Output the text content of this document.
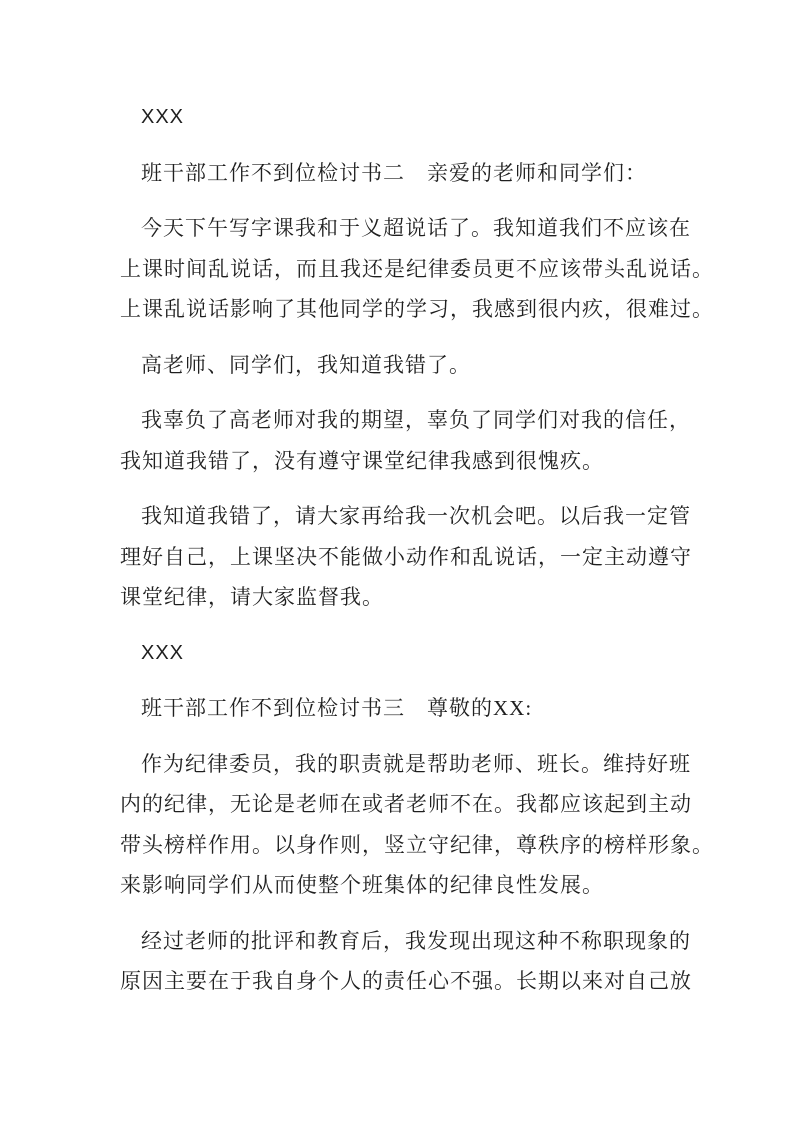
XXX
班干部工作不到位检讨书二　亲爱的老师和同学们：
今天下午写字课我和于义超说话了。我知道我们不应该在
上课时间乱说话，而且我还是纪律委员更不应该带头乱说话。
上课乱说话影响了其他同学的学习，我感到很内疚，很难过。
高老师、同学们，我知道我错了。
我辜负了高老师对我的期望，辜负了同学们对我的信任，
我知道我错了，没有遵守课堂纪律我感到很愧疚。
我知道我错了，请大家再给我一次机会吧。以后我一定管
理好自己，上课坚决不能做小动作和乱说话，一定主动遵守
课堂纪律，请大家监督我。
XXX
班干部工作不到位检讨书三　尊敬的XX:
作为纪律委员，我的职责就是帮助老师、班长。维持好班
内的纪律，无论是老师在或者老师不在。我都应该起到主动
带头榜样作用。以身作则，竖立守纪律，尊秩序的榜样形象。
来影响同学们从而使整个班集体的纪律良性发展。
经过老师的批评和教育后，我发现出现这种不称职现象的
原因主要在于我自身个人的责任心不强。长期以来对自己放
